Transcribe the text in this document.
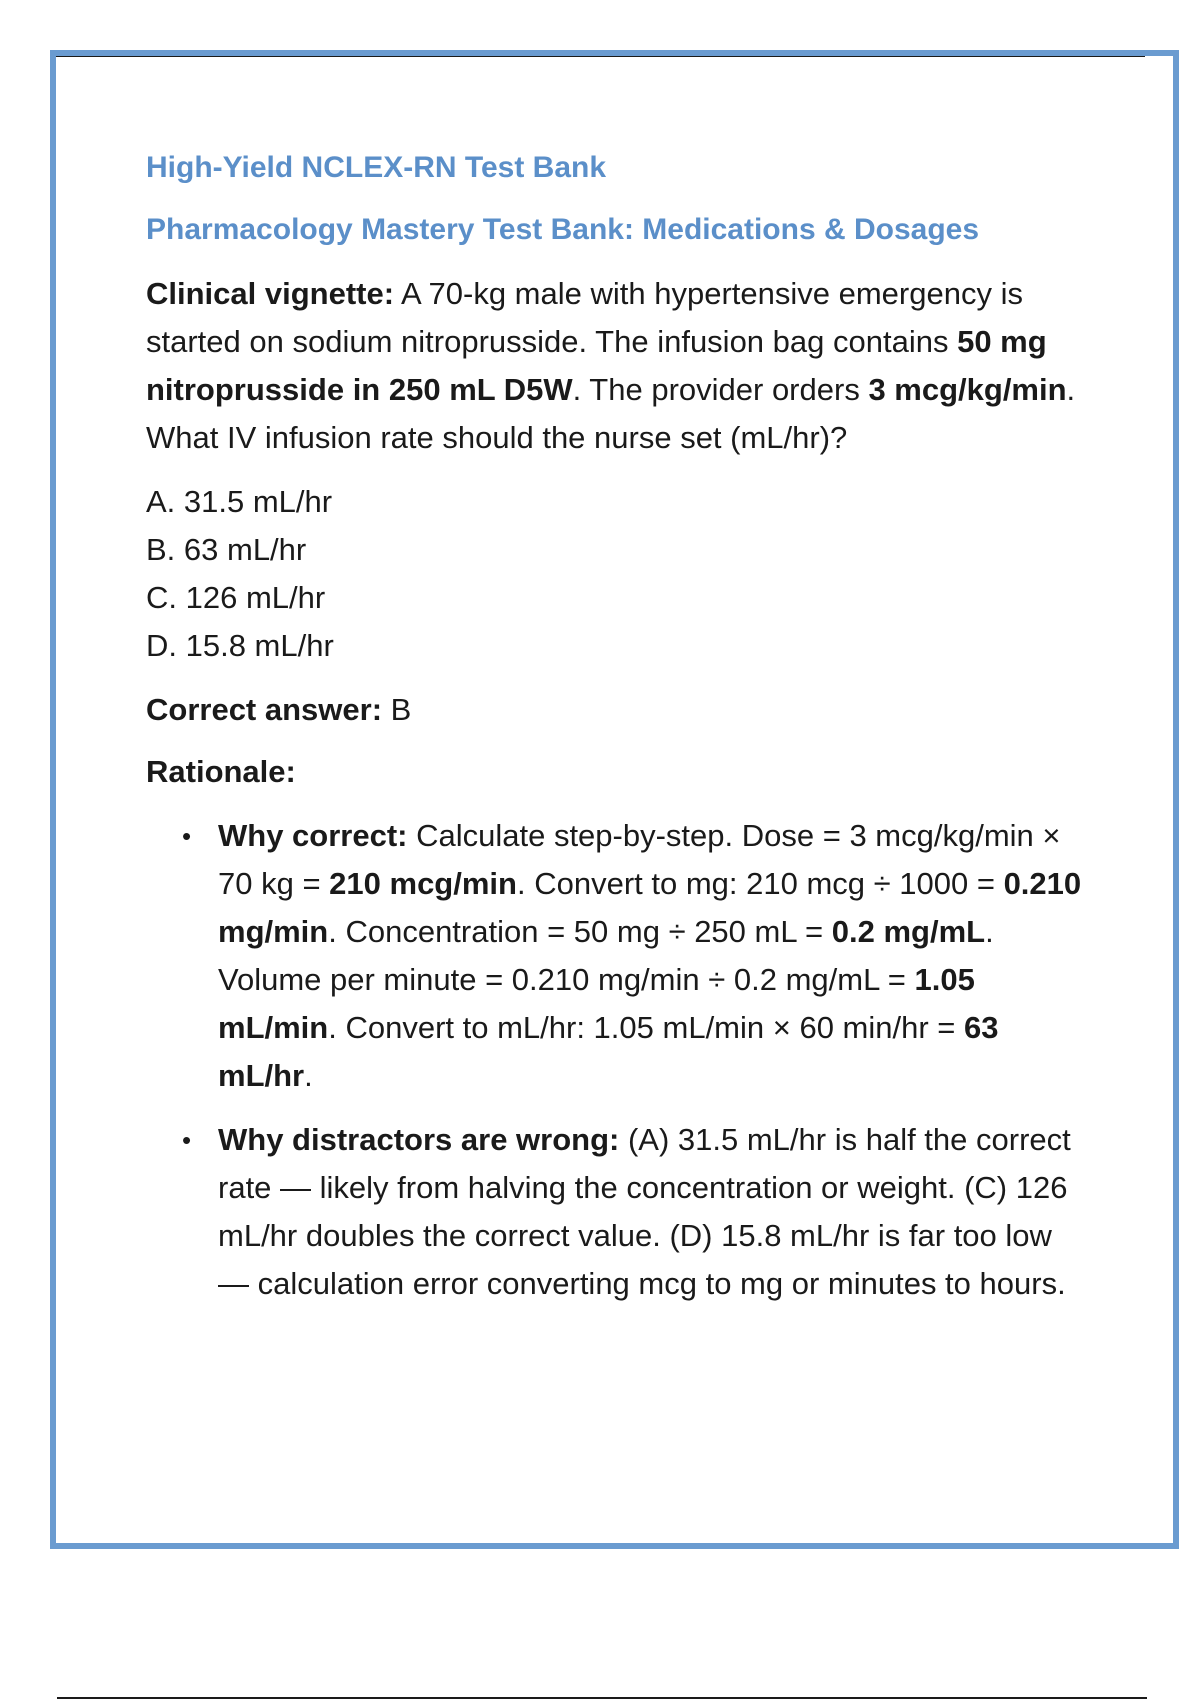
High-Yield NCLEX-RN Test Bank
Pharmacology Mastery Test Bank: Medications & Dosages

Clinical vignette: A 70-kg male with hypertensive emergency is started on sodium nitroprusside. The infusion bag contains 50 mg nitroprusside in 250 mL D5W. The provider orders 3 mcg/kg/min. What IV infusion rate should the nurse set (mL/hr)?

A. 31.5 mL/hr
B. 63 mL/hr
C. 126 mL/hr
D. 15.8 mL/hr

Correct answer: B

Rationale:

• Why correct: Calculate step-by-step. Dose = 3 mcg/kg/min × 70 kg = 210 mcg/min. Convert to mg: 210 mcg ÷ 1000 = 0.210 mg/min. Concentration = 50 mg ÷ 250 mL = 0.2 mg/mL. Volume per minute = 0.210 mg/min ÷ 0.2 mg/mL = 1.05 mL/min. Convert to mL/hr: 1.05 mL/min × 60 min/hr = 63 mL/hr.
• Why distractors are wrong: (A) 31.5 mL/hr is half the correct rate — likely from halving the concentration or weight. (C) 126 mL/hr doubles the correct value. (D) 15.8 mL/hr is far too low — calculation error converting mcg to mg or minutes to hours.
